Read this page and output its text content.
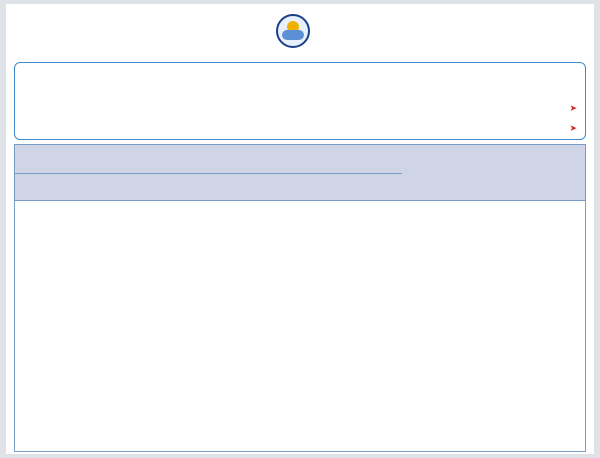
➤
➤
